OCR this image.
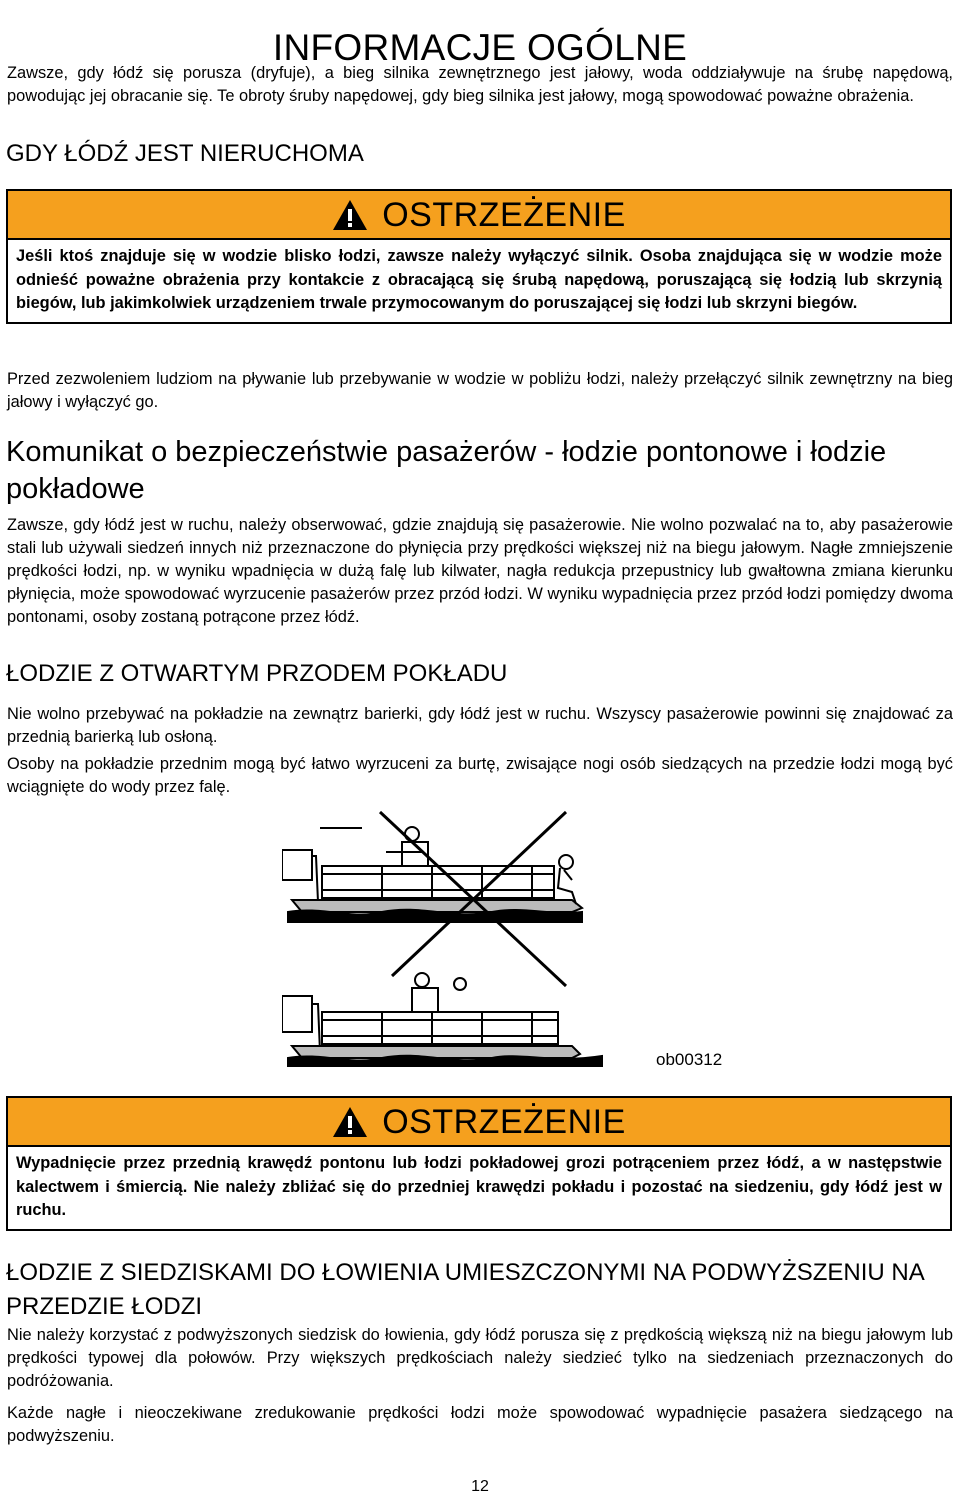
INFORMACJE OGÓLNE

Zawsze, gdy łódź się porusza (dryfuje), a bieg silnika zewnętrznego jest jałowy, woda oddziaływuje na śrubę napędową, powodując jej obracanie się. Te obroty śruby napędowej, gdy bieg silnika jest jałowy, mogą spowodować poważne obrażenia.

GDY ŁÓDŹ JEST NIERUCHOMA
OSTRZEŻENIE
Jeśli ktoś znajduje się w wodzie blisko łodzi, zawsze należy wyłączyć silnik. Osoba znajdująca się w wodzie może odnieść poważne obrażenia przy kontakcie z obracającą się śrubą napędową, poruszającą się łodzią lub skrzynią biegów, lub jakimkolwiek urządzeniem trwale przymocowanym do poruszającej się łodzi lub skrzyni biegów.

Przed zezwoleniem ludziom na pływanie lub przebywanie w wodzie w pobliżu łodzi, należy przełączyć silnik zewnętrzny na bieg jałowy i wyłączyć go.

Komunikat o bezpieczeństwie pasażerów - łodzie pontonowe i łodzie pokładowe

Zawsze, gdy łódź jest w ruchu, należy obserwować, gdzie znajdują się pasażerowie. Nie wolno pozwalać na to, aby pasażerowie stali lub używali siedzeń innych niż przeznaczone do płynięcia przy prędkości większej niż na biegu jałowym. Nagłe zmniejszenie prędkości łodzi, np. w wyniku wpadnięcia w dużą falę lub kilwater, nagła redukcja przepustnicy lub gwałtowna zmiana kierunku płynięcia, może spowodować wyrzucenie pasażerów przez przód łodzi. W wyniku wypadnięcia przez przód łodzi pomiędzy dwoma pontonami, osoby zostaną potrącone przez łódź.

ŁODZIE Z OTWARTYM PRZODEM POKŁADU

Nie wolno przebywać na pokładzie na zewnątrz barierki, gdy łódź jest w ruchu. Wszyscy pasażerowie powinni się znajdować za przednią barierką lub osłoną.

Osoby na pokładzie przednim mogą być łatwo wyrzuceni za burtę, zwisające nogi osób siedzących na przedzie łodzi mogą być wciągnięte do wody przez falę.

ob00312
OSTRZEŻENIE
Wypadnięcie przez przednią krawędź pontonu lub łodzi pokładowej grozi potrąceniem przez łódź, a w następstwie kalectwem i śmiercią. Nie należy zbliżać się do przedniej krawędzi pokładu i pozostać na siedzeniu, gdy łódź jest w ruchu.
ŁODZIE Z SIEDZISKAMI DO ŁOWIENIA UMIESZCZONYMI NA PODWYŻSZENIU NA PRZEDZIE ŁODZI

Nie należy korzystać z podwyższonych siedzisk do łowienia, gdy łódź porusza się z prędkością większą niż na biegu jałowym lub prędkości typowej dla połowów. Przy większych prędkościach należy siedzieć tylko na siedzeniach przeznaczonych do podróżowania.

Każde nagłe i nieoczekiwane zredukowanie prędkości łodzi może spowodować wypadnięcie pasażera siedzącego na podwyższeniu.

12
